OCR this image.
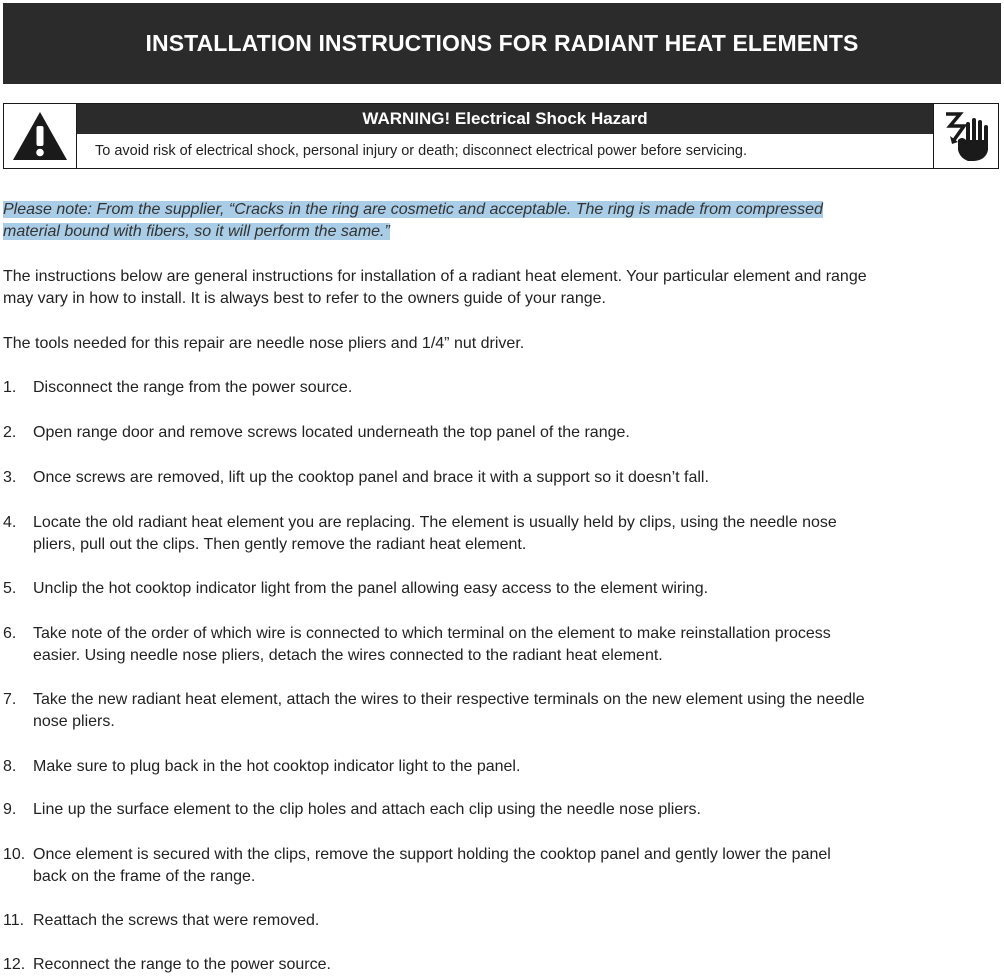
INSTALLATION INSTRUCTIONS FOR RADIANT HEAT ELEMENTS
WARNING! Electrical Shock Hazard
To avoid risk of electrical shock, personal injury or death; disconnect electrical power before servicing.
Please note: From the supplier, “Cracks in the ring are cosmetic and acceptable. The ring is made from compressed
material bound with fibers, so it will perform the same.”

The instructions below are general instructions for installation of a radiant heat element. Your particular element and range
may vary in how to install. It is always best to refer to the owners guide of your range.

The tools needed for this repair are needle nose pliers and 1/4” nut driver.

1.	Disconnect the range from the power source.
2.	Open range door and remove screws located underneath the top panel of the range.
3.	Once screws are removed, lift up the cooktop panel and brace it with a support so it doesn’t fall.
4.	Locate the old radiant heat element you are replacing. The element is usually held by clips, using the needle nose
pliers, pull out the clips. Then gently remove the radiant heat element.
5.	Unclip the hot cooktop indicator light from the panel allowing easy access to the element wiring.
6.	Take note of the order of which wire is connected to which terminal on the element to make reinstallation process
easier. Using needle nose pliers, detach the wires connected to the radiant heat element.
7.	Take the new radiant heat element, attach the wires to their respective terminals on the new element using the needle
nose pliers.
8.	Make sure to plug back in the hot cooktop indicator light to the panel.
9.	Line up the surface element to the clip holes and attach each clip using the needle nose pliers.
10. Once element is secured with the clips, remove the support holding the cooktop panel and gently lower the panel
back on the frame of the range.
11. Reattach the screws that were removed.
12. Reconnect the range to the power source.
